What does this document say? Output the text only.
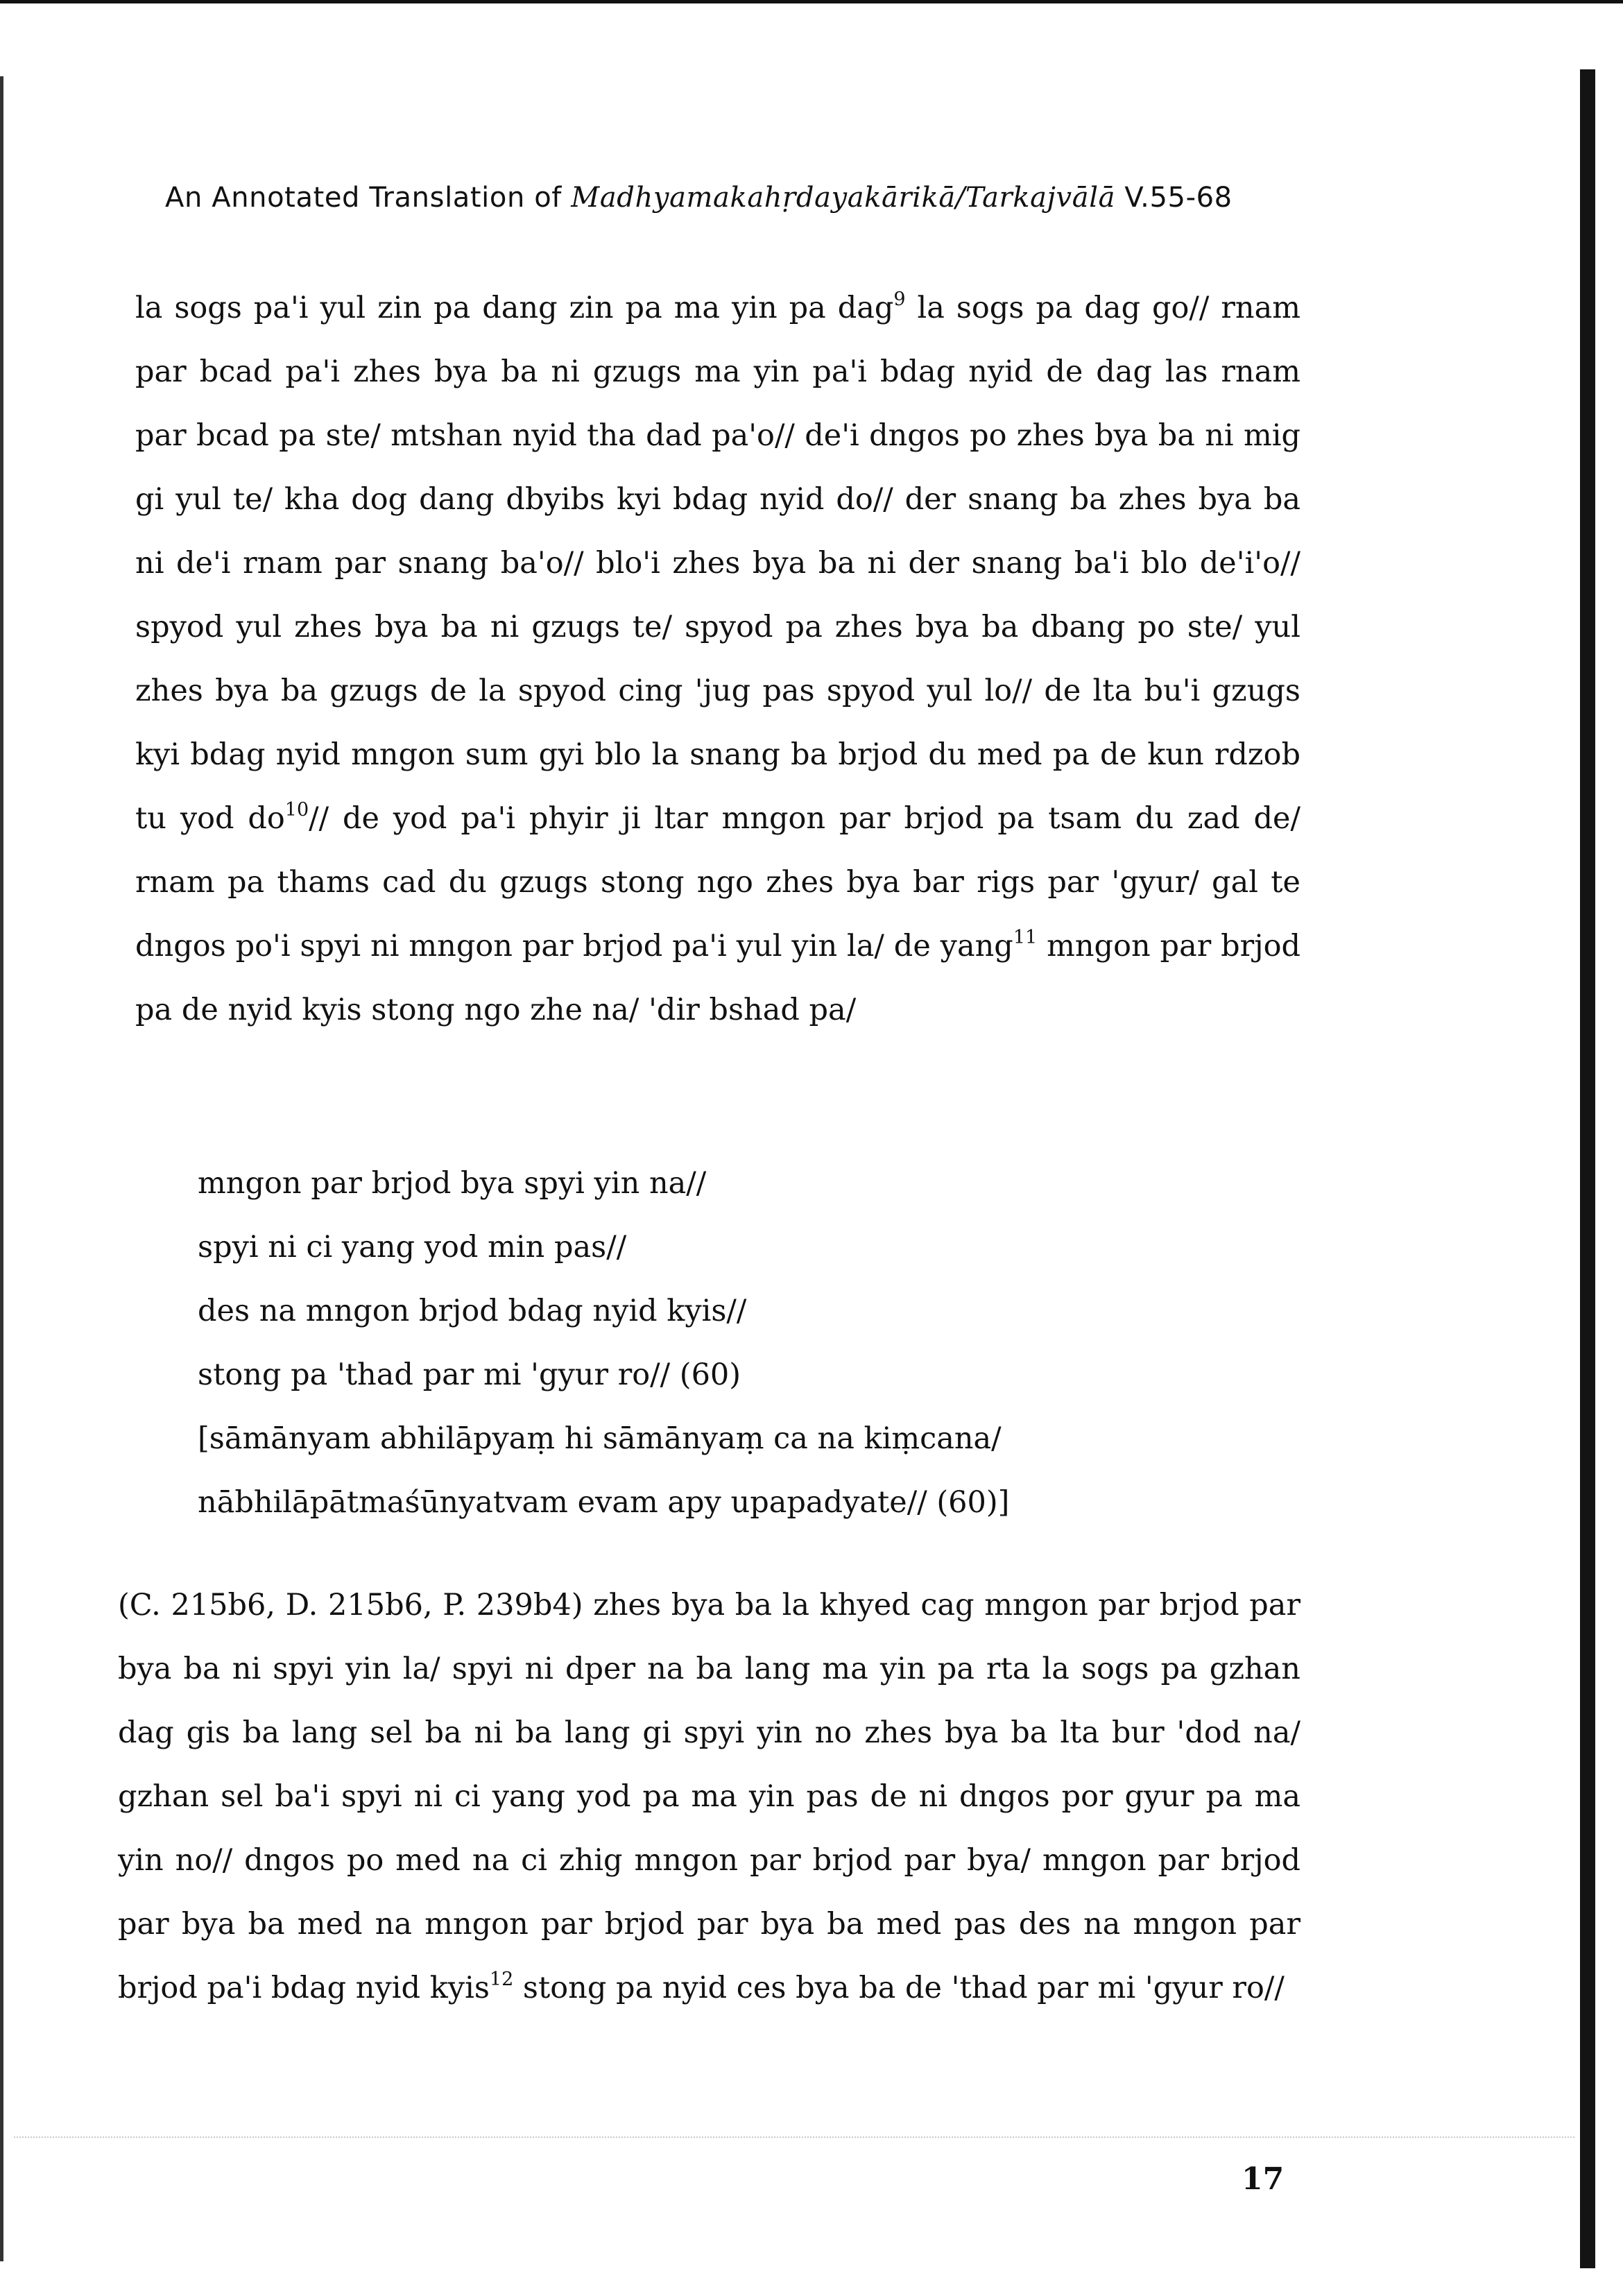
An Annotated Translation of Madhyamakahṛdayakārikā/Tarkajvālā V.55-68

la sogs pa'i yul zin pa dang zin pa ma yin pa dag$^9$ la sogs pa dag go// rnam par bcad pa'i zhes bya ba ni gzugs ma yin pa'i bdag nyid de dag las rnam par bcad pa ste/ mtshan nyid tha dad pa'o// de'i dngos po zhes bya ba ni mig gi yul te/ kha dog dang dbyibs kyi bdag nyid do// der snang ba zhes bya ba ni de'i rnam par snang ba'o// blo'i zhes bya ba ni der snang ba'i blo de'i'o// spyod yul zhes bya ba ni gzugs te/ spyod pa zhes bya ba dbang po ste/ yul zhes bya ba gzugs de la spyod cing 'jug pas spyod yul lo// de lta bu'i gzugs kyi bdag nyid mngon sum gyi blo la snang ba brjod du med pa de kun rdzob tu yod $do^{10}//$ de yod pa'i phyir ji ltar mngon par brjod pa tsam du zad de/ rnam pa thams cad du gzugs stong ngo zhes bya bar rigs par 'gyur/ gal te dngos po'i spyi ni mngon par brjod pa'i yul yin la/ de yang$^{11}$ mngon par brjod pa de nyid kyis stong ngo zhe na/ 'dir bshad pa/

mngon par brjod bya spyi yin na//
spyi ni ci yang yod min pas//
des na mngon brjod bdag nyid kyis//
stong pa 'thad par mi 'gyur ro// (60)
[sāmānyam abhilāpyaṃ hi sāmānyaṃ ca na kiṃcana/
nābhilāpātmaśūnyatvam evam apy upapadyate// (60)]

(C. 215b6, D. 215b6, P. 239b4) zhes bya ba la khyed cag mngon par brjod par bya ba ni spyi yin la/ spyi ni dper na ba lang ma yin pa rta la sogs pa gzhan dag gis ba lang sel ba ni ba lang gi spyi yin no zhes bya ba lta bur 'dod na/ gzhan sel ba'i spyi ni ci yang yod pa ma yin pas de ni dngos por gyur pa ma yin no// dngos po med na ci zhig mngon par brjod par bya/ mngon par brjod par bya ba med na mngon par brjod par bya ba med pas des na mngon par brjod pa'i bdag nyid kyis$^{12}$ stong pa nyid ces bya ba de 'thad par mi 'gyur ro//

17
